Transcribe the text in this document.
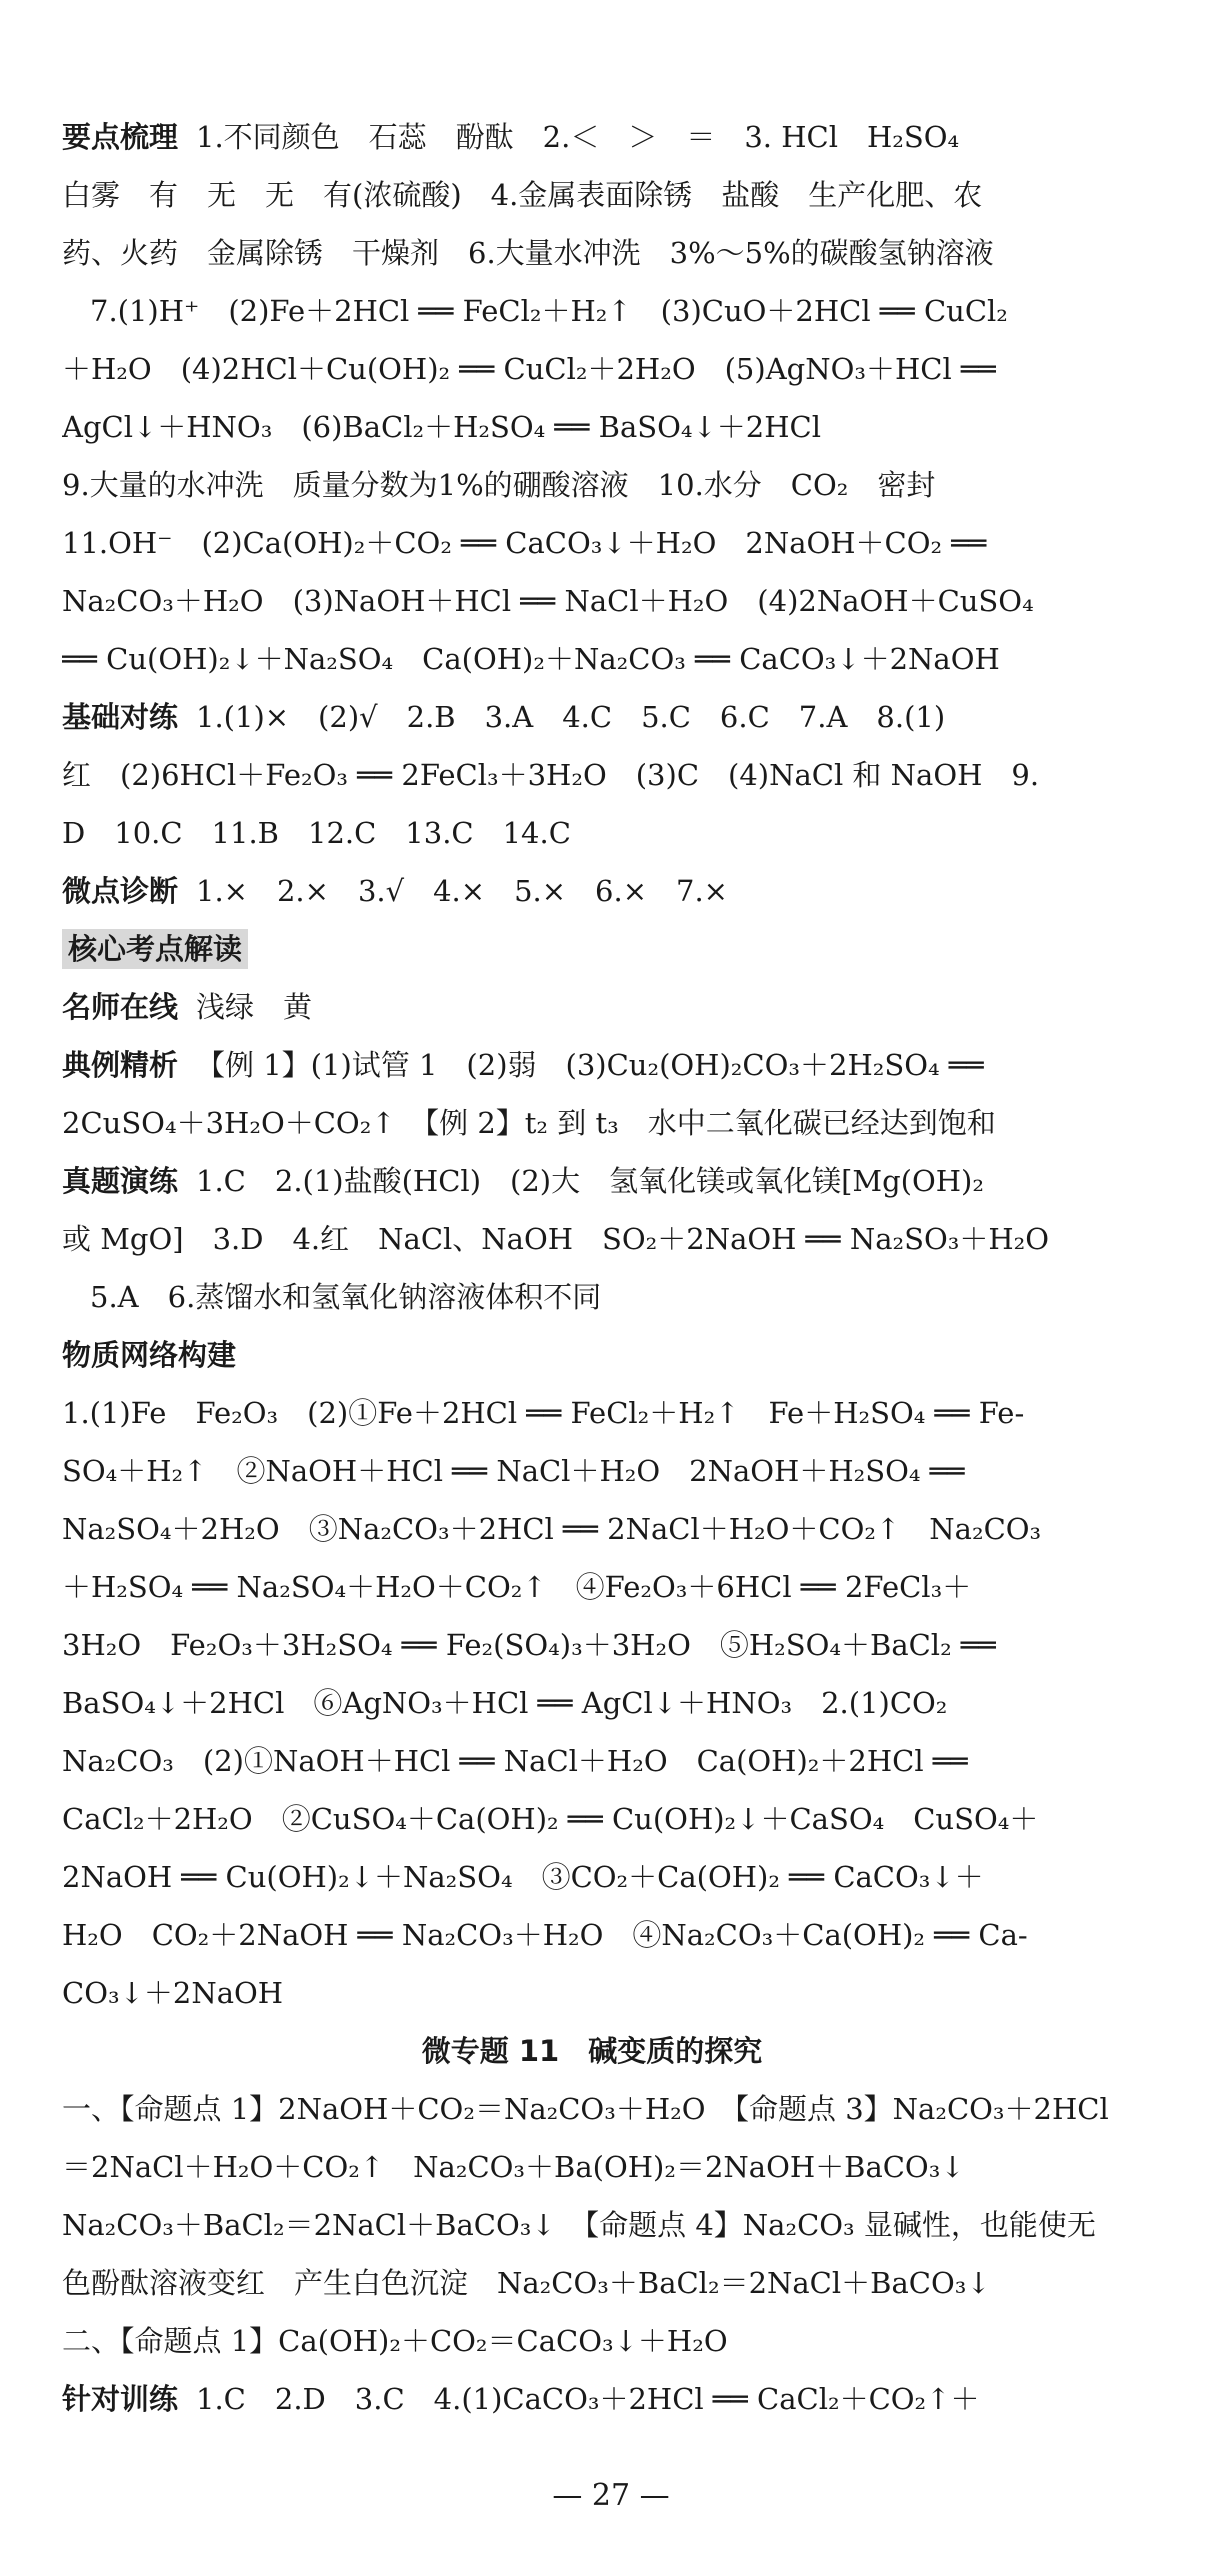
要点梳理 1.不同颜色　石蕊　酚酞　2.＜　＞　＝　3. HCl　H₂SO₄
白雾　有　无　无　有(浓硫酸)　4.金属表面除锈　盐酸　生产化肥、农
药、火药　金属除锈　干燥剂　6.大量水冲洗　3%～5%的碳酸氢钠溶液
7.(1)H⁺　(2)Fe＋2HCl ══ FeCl₂＋H₂↑　(3)CuO＋2HCl ══ CuCl₂
＋H₂O　(4)2HCl＋Cu(OH)₂ ══ CuCl₂＋2H₂O　(5)AgNO₃＋HCl ══
AgCl↓＋HNO₃　(6)BaCl₂＋H₂SO₄ ══ BaSO₄↓＋2HCl
9.大量的水冲洗　质量分数为1%的硼酸溶液　10.水分　CO₂　密封
11.OH⁻　(2)Ca(OH)₂＋CO₂ ══ CaCO₃↓＋H₂O　2NaOH＋CO₂ ══
Na₂CO₃＋H₂O　(3)NaOH＋HCl ══ NaCl＋H₂O　(4)2NaOH＋CuSO₄
══ Cu(OH)₂↓＋Na₂SO₄　Ca(OH)₂＋Na₂CO₃ ══ CaCO₃↓＋2NaOH
基础对练 1.(1)×　(2)√　2.B　3.A　4.C　5.C　6.C　7.A　8.(1)
红　(2)6HCl＋Fe₂O₃ ══ 2FeCl₃＋3H₂O　(3)C　(4)NaCl 和 NaOH　9.
D　10.C　11.B　12.C　13.C　14.C
微点诊断 1.×　2.×　3.√　4.×　5.×　6.×　7.×
核心考点解读
名师在线 浅绿　黄
典例精析 【例 1】(1)试管 1　(2)弱　(3)Cu₂(OH)₂CO₃＋2H₂SO₄ ══
2CuSO₄＋3H₂O＋CO₂↑　【例 2】t₂ 到 t₃　水中二氧化碳已经达到饱和
真题演练 1.C　2.(1)盐酸(HCl)　(2)大　氢氧化镁或氧化镁[Mg(OH)₂
或 MgO]　3.D　4.红　NaCl、NaOH　SO₂＋2NaOH ══ Na₂SO₃＋H₂O
5.A　6.蒸馏水和氢氧化钠溶液体积不同
物质网络构建
1.(1)Fe　Fe₂O₃　(2)①Fe＋2HCl ══ FeCl₂＋H₂↑　Fe＋H₂SO₄ ══ Fe-
SO₄＋H₂↑　②NaOH＋HCl ══ NaCl＋H₂O　2NaOH＋H₂SO₄ ══
Na₂SO₄＋2H₂O　③Na₂CO₃＋2HCl ══ 2NaCl＋H₂O＋CO₂↑　Na₂CO₃
＋H₂SO₄ ══ Na₂SO₄＋H₂O＋CO₂↑　④Fe₂O₃＋6HCl ══ 2FeCl₃＋
3H₂O　Fe₂O₃＋3H₂SO₄ ══ Fe₂(SO₄)₃＋3H₂O　⑤H₂SO₄＋BaCl₂ ══
BaSO₄↓＋2HCl　⑥AgNO₃＋HCl ══ AgCl↓＋HNO₃　2.(1)CO₂
Na₂CO₃　(2)①NaOH＋HCl ══ NaCl＋H₂O　Ca(OH)₂＋2HCl ══
CaCl₂＋2H₂O　②CuSO₄＋Ca(OH)₂ ══ Cu(OH)₂↓＋CaSO₄　CuSO₄＋
2NaOH ══ Cu(OH)₂↓＋Na₂SO₄　③CO₂＋Ca(OH)₂ ══ CaCO₃↓＋
H₂O　CO₂＋2NaOH ══ Na₂CO₃＋H₂O　④Na₂CO₃＋Ca(OH)₂ ══ Ca-
CO₃↓＋2NaOH
微专题 11　碱变质的探究
一、【命题点 1】2NaOH＋CO₂＝Na₂CO₃＋H₂O　【命题点 3】Na₂CO₃＋2HCl
＝2NaCl＋H₂O＋CO₂↑　Na₂CO₃＋Ba(OH)₂＝2NaOH＋BaCO₃↓
Na₂CO₃＋BaCl₂＝2NaCl＋BaCO₃↓　【命题点 4】Na₂CO₃ 显碱性，也能使无
色酚酞溶液变红　产生白色沉淀　Na₂CO₃＋BaCl₂＝2NaCl＋BaCO₃↓
二、【命题点 1】Ca(OH)₂＋CO₂＝CaCO₃↓＋H₂O
针对训练 1.C　2.D　3.C　4.(1)CaCO₃＋2HCl ══ CaCl₂＋CO₂↑＋
— 27 —
